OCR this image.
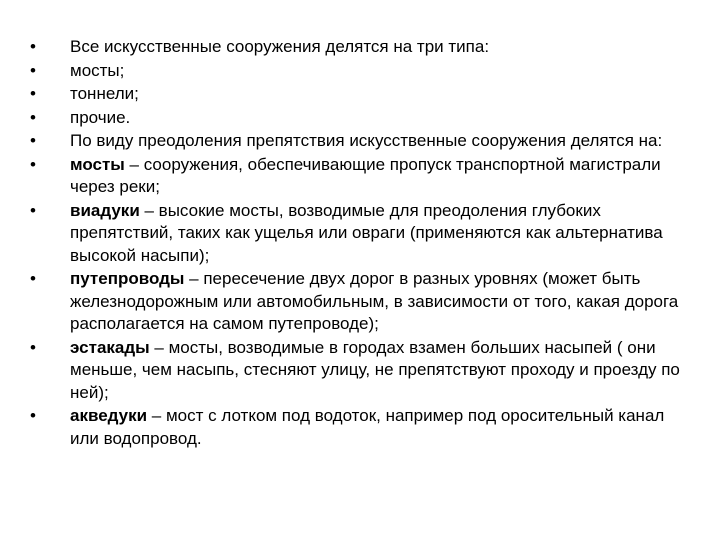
• Все искусственные сооружения делятся на три типа:
• мосты;
• тоннели;
• прочие.
• По виду преодоления препятствия искусственные сооружения делятся на:
• мосты – сооружения, обеспечивающие пропуск транспортной магистрали через реки;
• виадуки – высокие мосты, возводимые для преодоления глубоких препятствий, таких как ущелья или овраги (применяются как альтернатива высокой насыпи);
• путепроводы – пересечение двух дорог в разных уровнях (может быть железнодорожным или автомобильным, в зависимости от того, какая дорога располагается на самом путепроводе);
• эстакады – мосты, возводимые в городах взамен больших насыпей ( они меньше, чем насыпь, стесняют улицу, не препятствуют проходу и проезду по ней);
• акведуки – мост с лотком под водоток, например под оросительный канал или водопровод.
